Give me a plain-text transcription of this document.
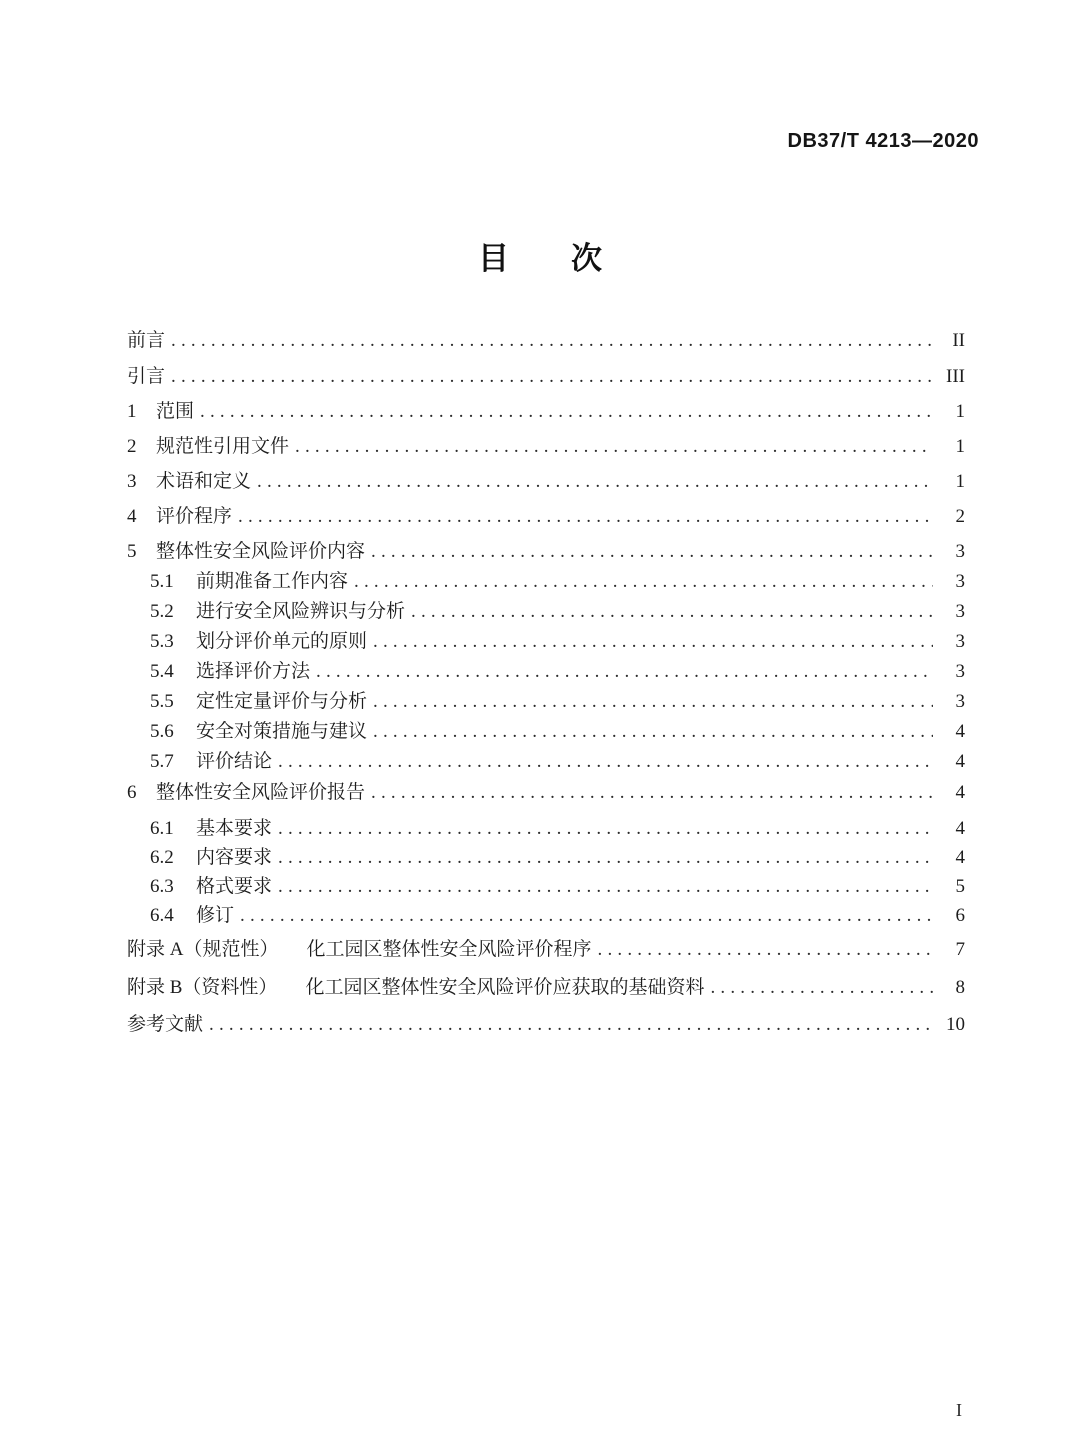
DB37/T 4213—2020
目　　次
前言 .....	II
引言 .....	III
1	范围 .....	1
2	规范性引用文件 .....	1
3	术语和定义 .....	1
4	评价程序 .....	2
5	整体性安全风险评价内容 .....	3
5.1	前期准备工作内容 .....	3
5.2	进行安全风险辨识与分析 .....	3
5.3	划分评价单元的原则 .....	3
5.4	选择评价方法 .....	3
5.5	定性定量评价与分析 .....	3
5.6	安全对策措施与建议 .....	4
5.7	评价结论 .....	4
6	整体性安全风险评价报告 .....	4
6.1	基本要求 .....	4
6.2	内容要求 .....	4
6.3	格式要求 .....	5
6.4	修订 .....	6
附录 A（规范性） 化工园区整体性安全风险评价程序 .....	7
附录 B（资料性） 化工园区整体性安全风险评价应获取的基础资料 .....	8
参考文献 .....	10
I
